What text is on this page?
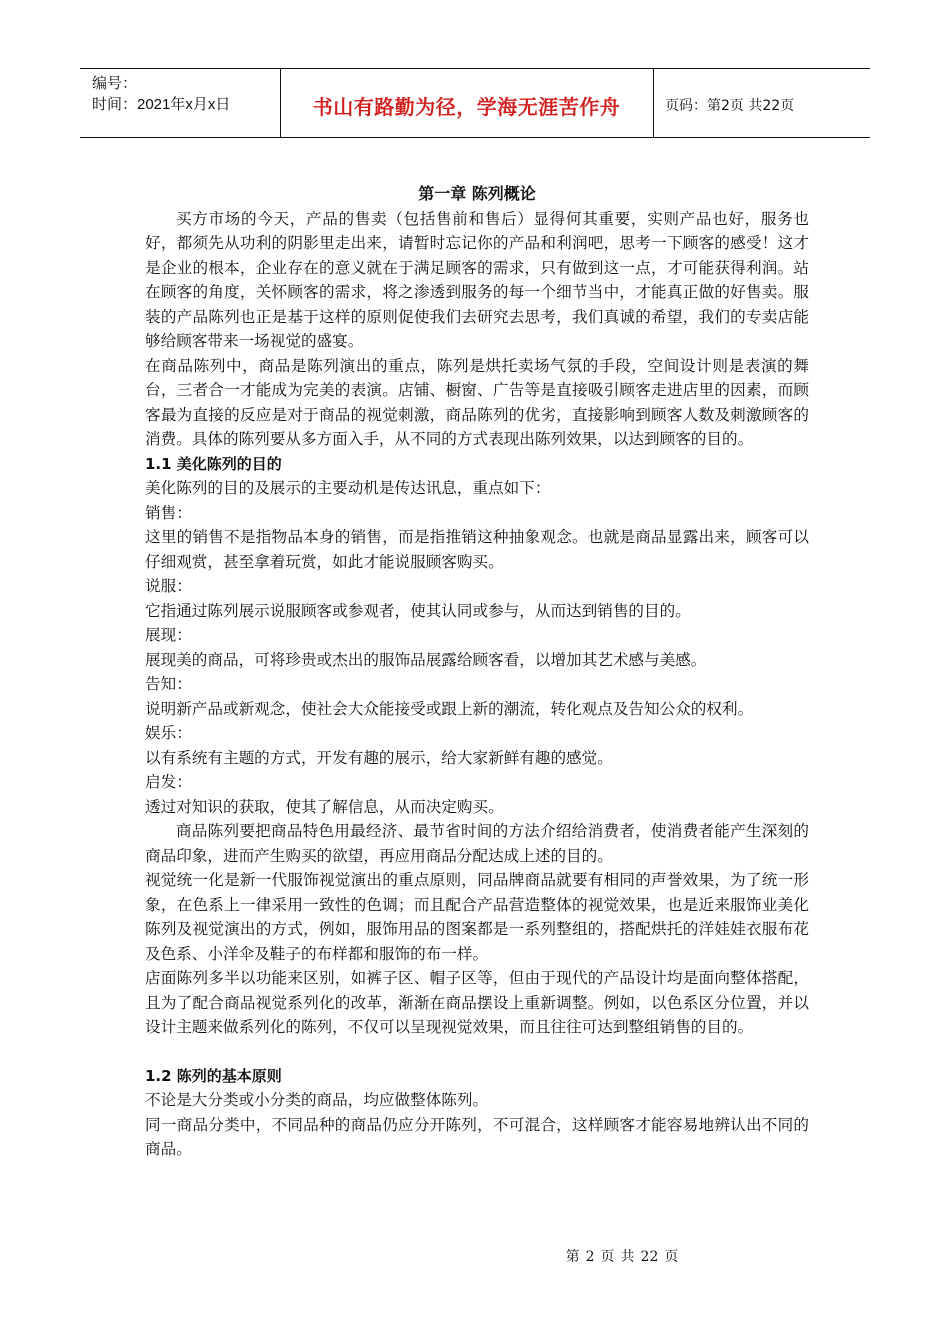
编号：
时间：2021年x月x日	书山有路勤为径，学海无涯苦作舟	页码：第2页 共22页

第一章 陈列概论

买方市场的今天，产品的售卖（包括售前和售后）显得何其重要，实则产品也好，服务也好，都须先从功利的阴影里走出来，请暂时忘记你的产品和利润吧，思考一下顾客的感受！这才是企业的根本，企业存在的意义就在于满足顾客的需求，只有做到这一点，才可能获得利润。站在顾客的角度，关怀顾客的需求，将之渗透到服务的每一个细节当中，才能真正做的好售卖。服装的产品陈列也正是基于这样的原则促使我们去研究去思考，我们真诚的希望，我们的专卖店能够给顾客带来一场视觉的盛宴。

在商品陈列中，商品是陈列演出的重点，陈列是烘托卖场气氛的手段，空间设计则是表演的舞台，三者合一才能成为完美的表演。店铺、橱窗、广告等是直接吸引顾客走进店里的因素，而顾客最为直接的反应是对于商品的视觉刺激，商品陈列的优劣，直接影响到顾客人数及刺激顾客的消费。具体的陈列要从多方面入手，从不同的方式表现出陈列效果，以达到顾客的目的。

1.1 美化陈列的目的

美化陈列的目的及展示的主要动机是传达讯息，重点如下：

销售：

这里的销售不是指物品本身的销售，而是指推销这种抽象观念。也就是商品显露出来，顾客可以仔细观赏，甚至拿着玩赏，如此才能说服顾客购买。

说服：

它指通过陈列展示说服顾客或参观者，使其认同或参与，从而达到销售的目的。

展现：

展现美的商品，可将珍贵或杰出的服饰品展露给顾客看，以增加其艺术感与美感。

告知：

说明新产品或新观念，使社会大众能接受或跟上新的潮流，转化观点及告知公众的权利。

娱乐：

以有系统有主题的方式，开发有趣的展示，给大家新鲜有趣的感觉。

启发：

透过对知识的获取，使其了解信息，从而决定购买。

商品陈列要把商品特色用最经济、最节省时间的方法介绍给消费者，使消费者能产生深刻的商品印象，进而产生购买的欲望，再应用商品分配达成上述的目的。

视觉统一化是新一代服饰视觉演出的重点原则，同品牌商品就要有相同的声誉效果，为了统一形象，在色系上一律采用一致性的色调；而且配合产品营造整体的视觉效果，也是近来服饰业美化陈列及视觉演出的方式，例如，服饰用品的图案都是一系列整组的，搭配烘托的洋娃娃衣服布花及色系、小洋伞及鞋子的布样都和服饰的布一样。

店面陈列多半以功能来区别，如裤子区、帽子区等，但由于现代的产品设计均是面向整体搭配，且为了配合商品视觉系列化的改革，渐渐在商品摆设上重新调整。例如，以色系区分位置，并以设计主题来做系列化的陈列，不仅可以呈现视觉效果，而且往往可达到整组销售的目的。

1.2 陈列的基本原则

不论是大分类或小分类的商品，均应做整体陈列。

同一商品分类中，不同品种的商品仍应分开陈列，不可混合，这样顾客才能容易地辨认出不同的商品。

第 2 页 共 22 页
